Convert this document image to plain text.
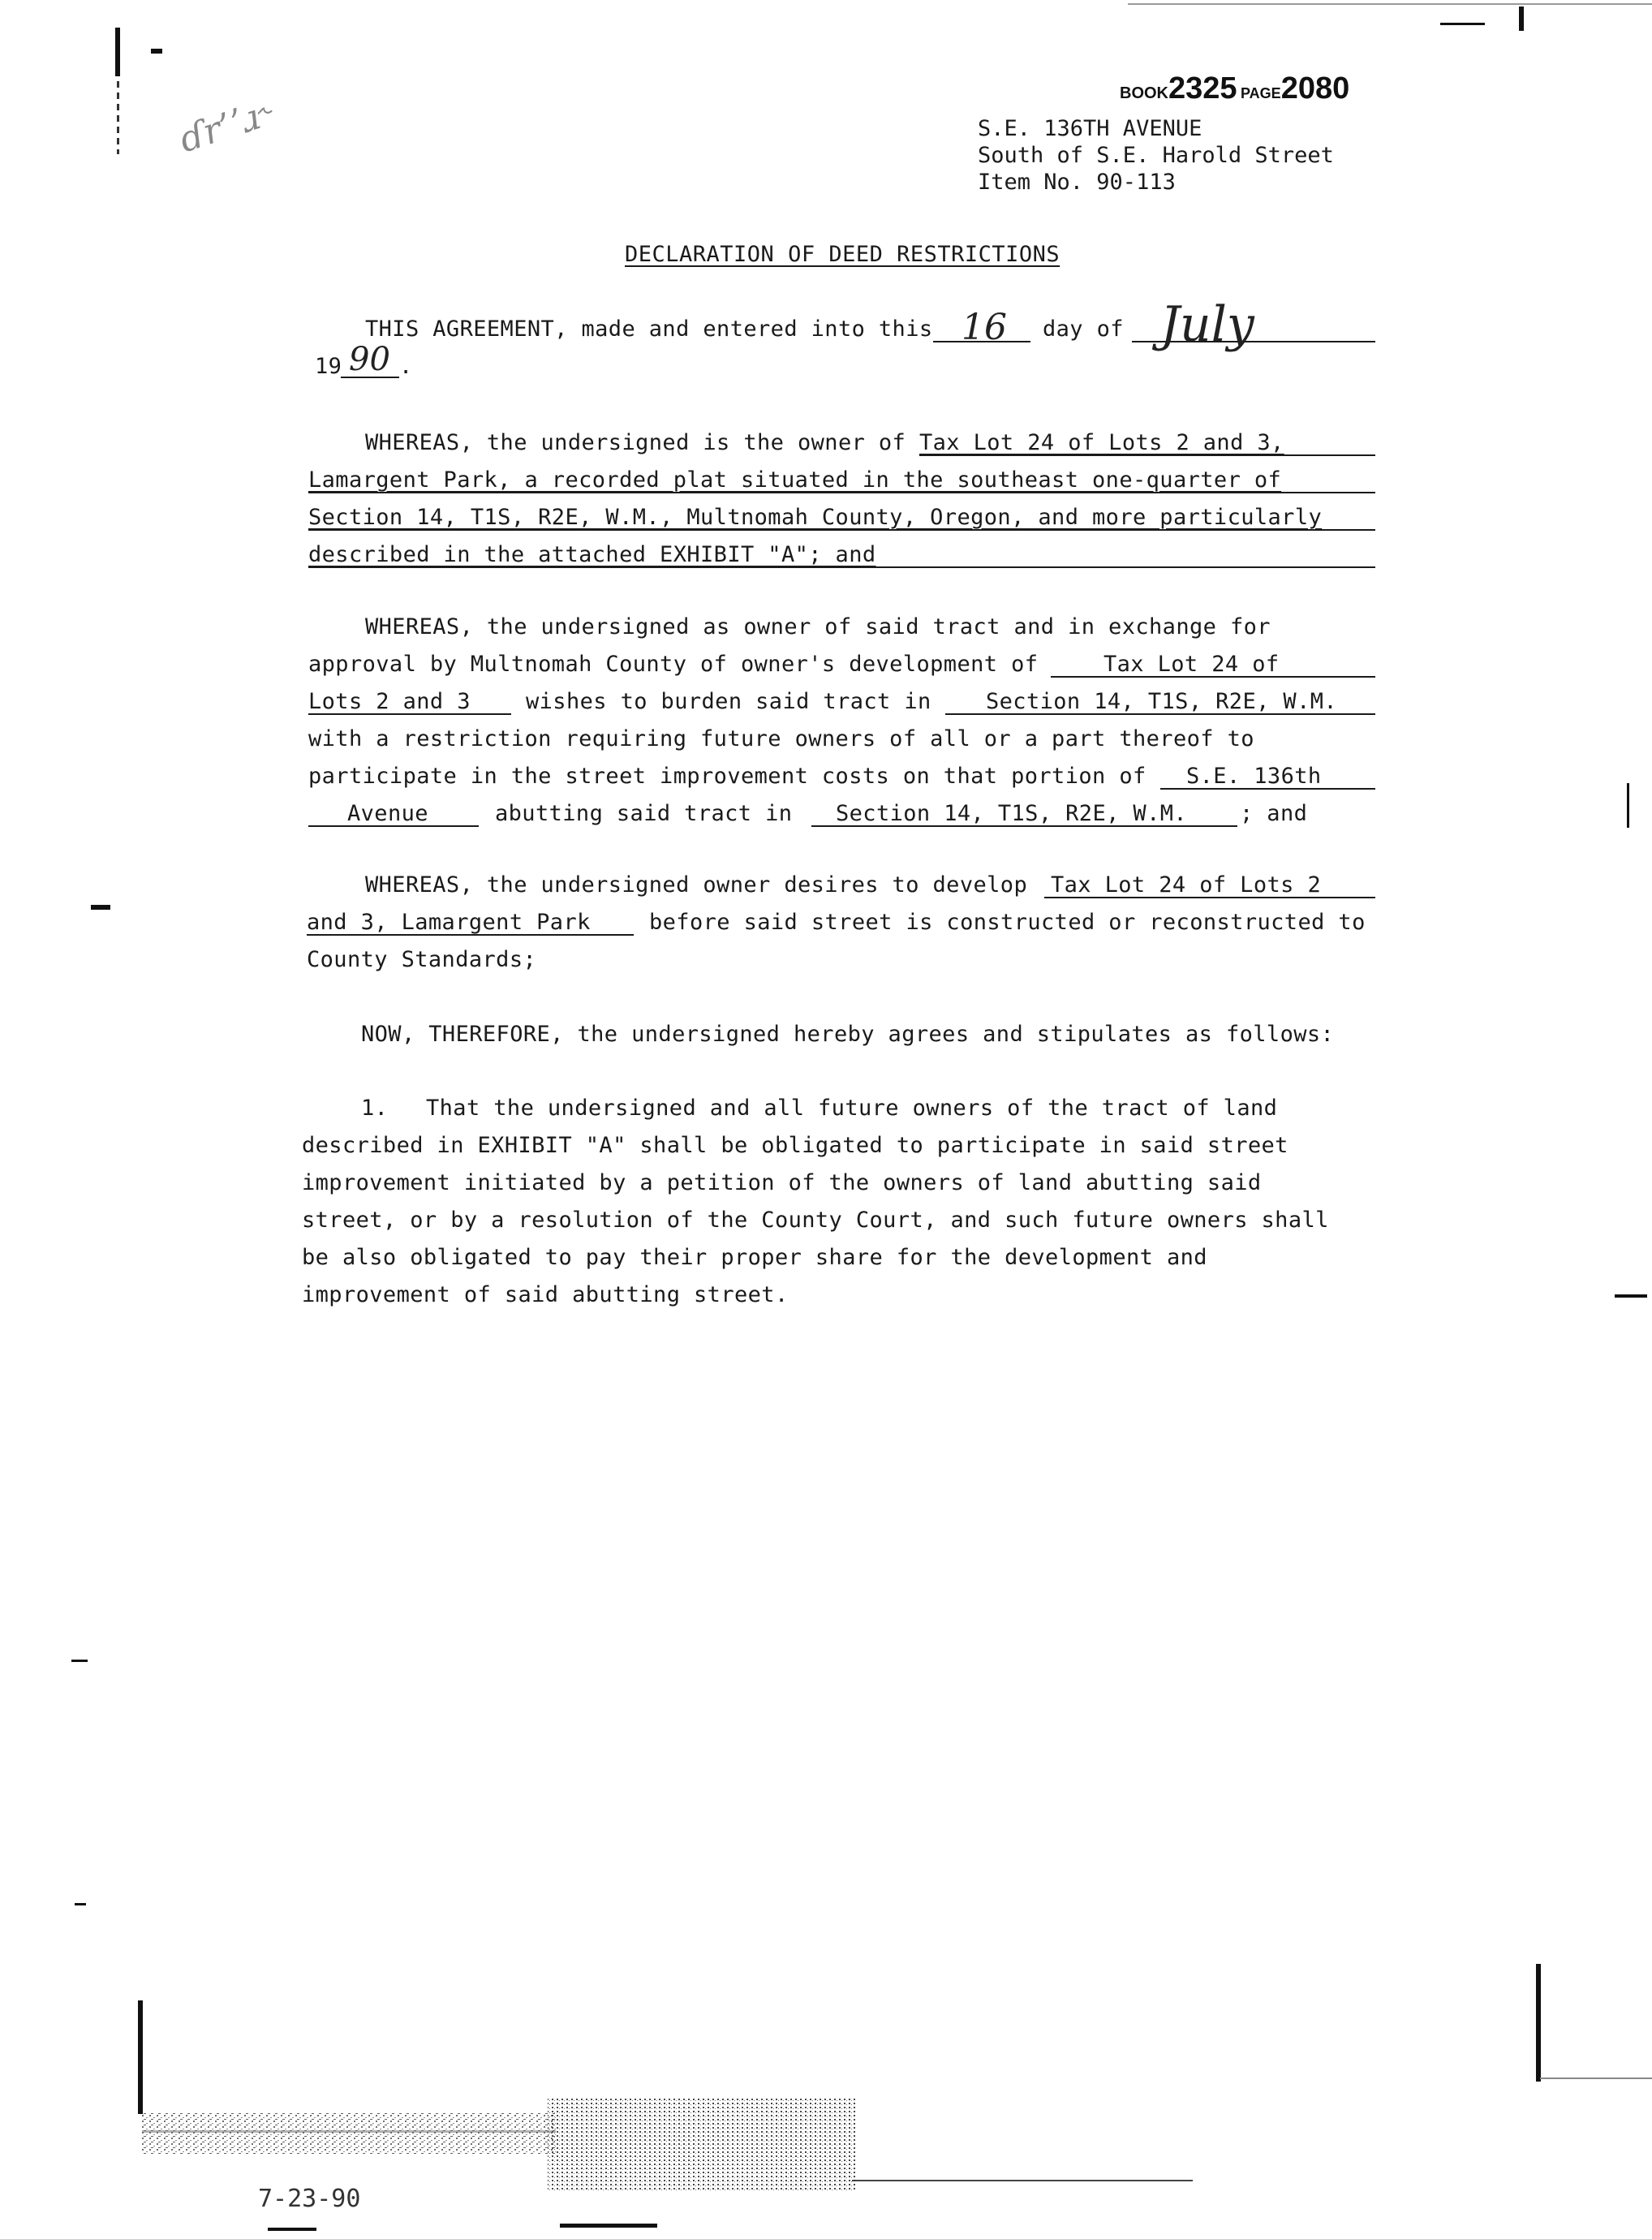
ɗr’ʼɹ˞	BOOK2325 PAGE2080
S.E. 136TH AVENUE
South of S.E. Harold Street
Item No. 90-113
DECLARATION OF DEED RESTRICTIONS
THIS AGREEMENT, made and entered into this 16 day of July
19 90 .
WHEREAS, the undersigned is the owner of Tax Lot 24 of Lots 2 and 3,
Lamargent Park, a recorded plat situated in the southeast one-quarter of
Section 14, T1S, R2E, W.M., Multnomah County, Oregon, and more particularly
described in the attached EXHIBIT "A"; and
WHEREAS, the undersigned as owner of said tract and in exchange for
approval by Multnomah County of owner's development of	Tax Lot 24 of
Lots 2 and 3	wishes to burden said tract in Section 14, T1S, R2E, W.M.
with a restriction requiring future owners of all or a part thereof to
participate in the street improvement costs on that portion of S.E. 136th
Avenue	abutting said tract in Section 14, T1S, R2E, W.M. ; and
WHEREAS, the undersigned owner desires to develop Tax Lot 24 of Lots 2
and 3, Lamargent Park	before said street is constructed or reconstructed to
County Standards;
NOW, THEREFORE, the undersigned hereby agrees and stipulates as follows:
1. That the undersigned and all future owners of the tract of land
described in EXHIBIT "A" shall be obligated to participate in said street
improvement initiated by a petition of the owners of land abutting said
street, or by a resolution of the County Court, and such future owners shall
be also obligated to pay their proper share for the development and
improvement of said abutting street.
7-23-90
